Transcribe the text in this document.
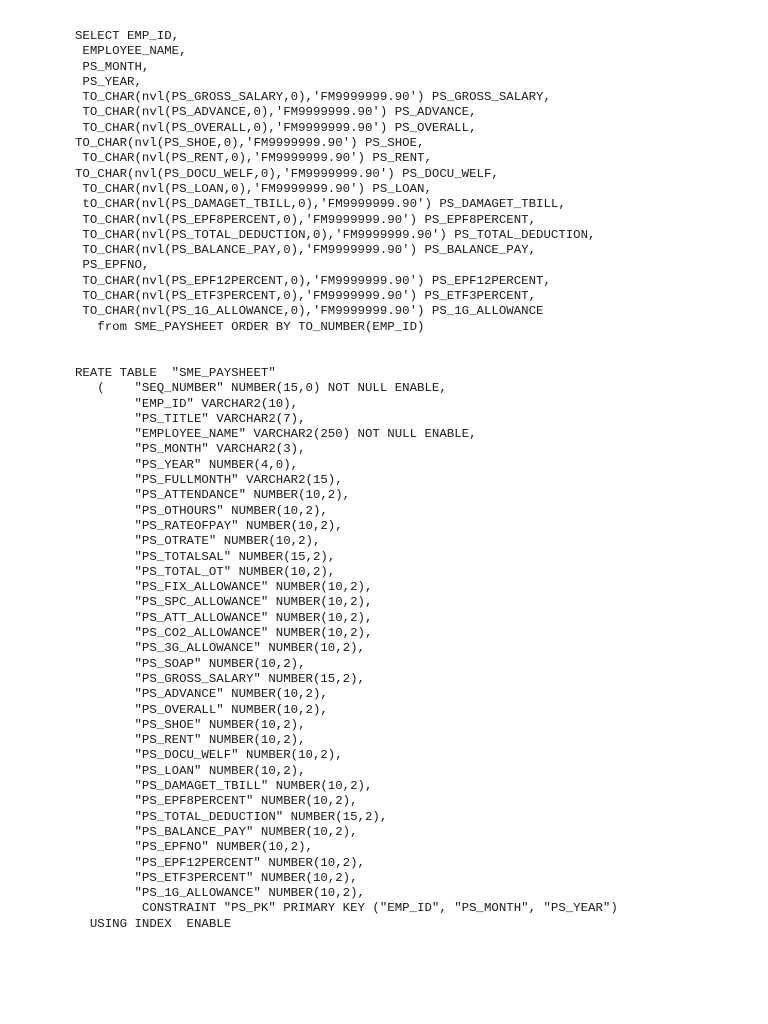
SELECT EMP_ID,
EMPLOYEE_NAME,
PS_MONTH,
PS_YEAR,
TO_CHAR(nvl(PS_GROSS_SALARY,0),'FM9999999.90') PS_GROSS_SALARY,
TO_CHAR(nvl(PS_ADVANCE,0),'FM9999999.90') PS_ADVANCE,
TO_CHAR(nvl(PS_OVERALL,0),'FM9999999.90') PS_OVERALL,
TO_CHAR(nvl(PS_SHOE,0),'FM9999999.90') PS_SHOE,
TO_CHAR(nvl(PS_RENT,0),'FM9999999.90') PS_RENT,
TO_CHAR(nvl(PS_DOCU_WELF,0),'FM9999999.90') PS_DOCU_WELF,
TO_CHAR(nvl(PS_LOAN,0),'FM9999999.90') PS_LOAN,
tO_CHAR(nvl(PS_DAMAGET_TBILL,0),'FM9999999.90') PS_DAMAGET_TBILL,
TO_CHAR(nvl(PS_EPF8PERCENT,0),'FM9999999.90') PS_EPF8PERCENT,
TO_CHAR(nvl(PS_TOTAL_DEDUCTION,0),'FM9999999.90') PS_TOTAL_DEDUCTION,
TO_CHAR(nvl(PS_BALANCE_PAY,0),'FM9999999.90') PS_BALANCE_PAY,
PS_EPFNO,
TO_CHAR(nvl(PS_EPF12PERCENT,0),'FM9999999.90') PS_EPF12PERCENT,
TO_CHAR(nvl(PS_ETF3PERCENT,0),'FM9999999.90') PS_ETF3PERCENT,
TO_CHAR(nvl(PS_1G_ALLOWANCE,0),'FM9999999.90') PS_1G_ALLOWANCE
from SME_PAYSHEET ORDER BY TO_NUMBER(EMP_ID)
REATE TABLE  "SME_PAYSHEET"
(    "SEQ_NUMBER" NUMBER(15,0) NOT NULL ENABLE,
"EMP_ID" VARCHAR2(10),
"PS_TITLE" VARCHAR2(7),
"EMPLOYEE_NAME" VARCHAR2(250) NOT NULL ENABLE,
"PS_MONTH" VARCHAR2(3),
"PS_YEAR" NUMBER(4,0),
"PS_FULLMONTH" VARCHAR2(15),
"PS_ATTENDANCE" NUMBER(10,2),
"PS_OTHOURS" NUMBER(10,2),
"PS_RATEOFPAY" NUMBER(10,2),
"PS_OTRATE" NUMBER(10,2),
"PS_TOTALSAL" NUMBER(15,2),
"PS_TOTAL_OT" NUMBER(10,2),
"PS_FIX_ALLOWANCE" NUMBER(10,2),
"PS_SPC_ALLOWANCE" NUMBER(10,2),
"PS_ATT_ALLOWANCE" NUMBER(10,2),
"PS_CO2_ALLOWANCE" NUMBER(10,2),
"PS_3G_ALLOWANCE" NUMBER(10,2),
"PS_SOAP" NUMBER(10,2),
"PS_GROSS_SALARY" NUMBER(15,2),
"PS_ADVANCE" NUMBER(10,2),
"PS_OVERALL" NUMBER(10,2),
"PS_SHOE" NUMBER(10,2),
"PS_RENT" NUMBER(10,2),
"PS_DOCU_WELF" NUMBER(10,2),
"PS_LOAN" NUMBER(10,2),
"PS_DAMAGET_TBILL" NUMBER(10,2),
"PS_EPF8PERCENT" NUMBER(10,2),
"PS_TOTAL_DEDUCTION" NUMBER(15,2),
"PS_BALANCE_PAY" NUMBER(10,2),
"PS_EPFNO" NUMBER(10,2),
"PS_EPF12PERCENT" NUMBER(10,2),
"PS_ETF3PERCENT" NUMBER(10,2),
"PS_1G_ALLOWANCE" NUMBER(10,2),
CONSTRAINT "PS_PK" PRIMARY KEY ("EMP_ID", "PS_MONTH", "PS_YEAR")
USING INDEX  ENABLE
